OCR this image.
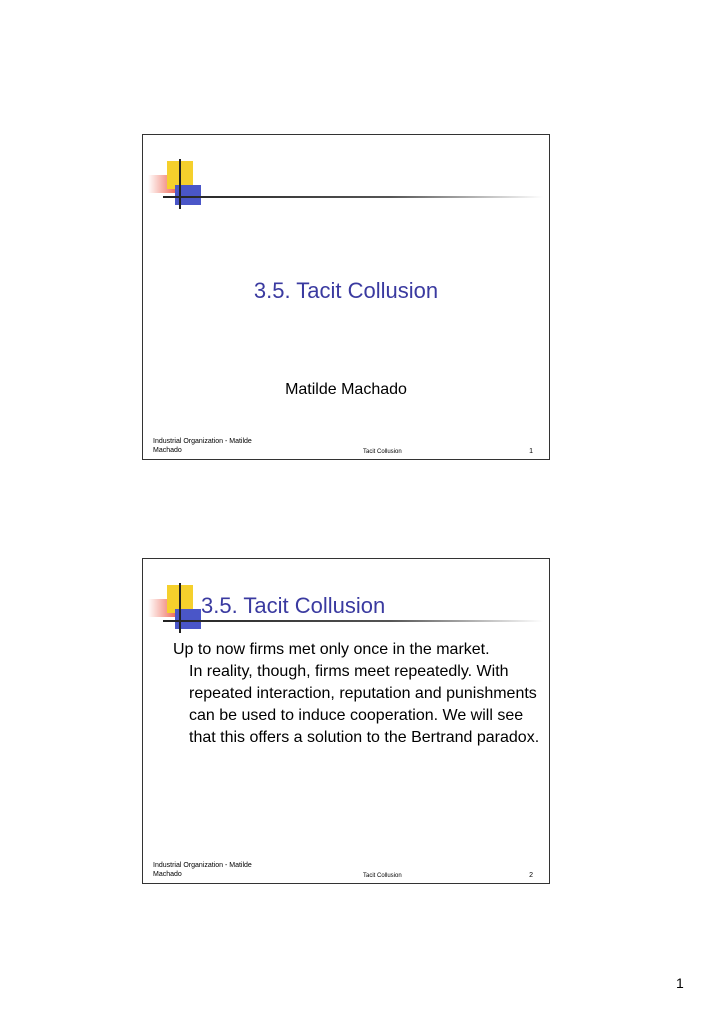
3.5. Tacit Collusion
Matilde Machado
Industrial Organization - Matilde
Machado	Tacit Collusion	1
3.5. Tacit Collusion
Up to now firms met only once in the market.
In reality, though, firms meet repeatedly. With repeated interaction, reputation and punishments can be used to induce cooperation. We will see that this offers a solution to the Bertrand paradox.
Industrial Organization - Matilde
Machado	Tacit Collusion	2
1
